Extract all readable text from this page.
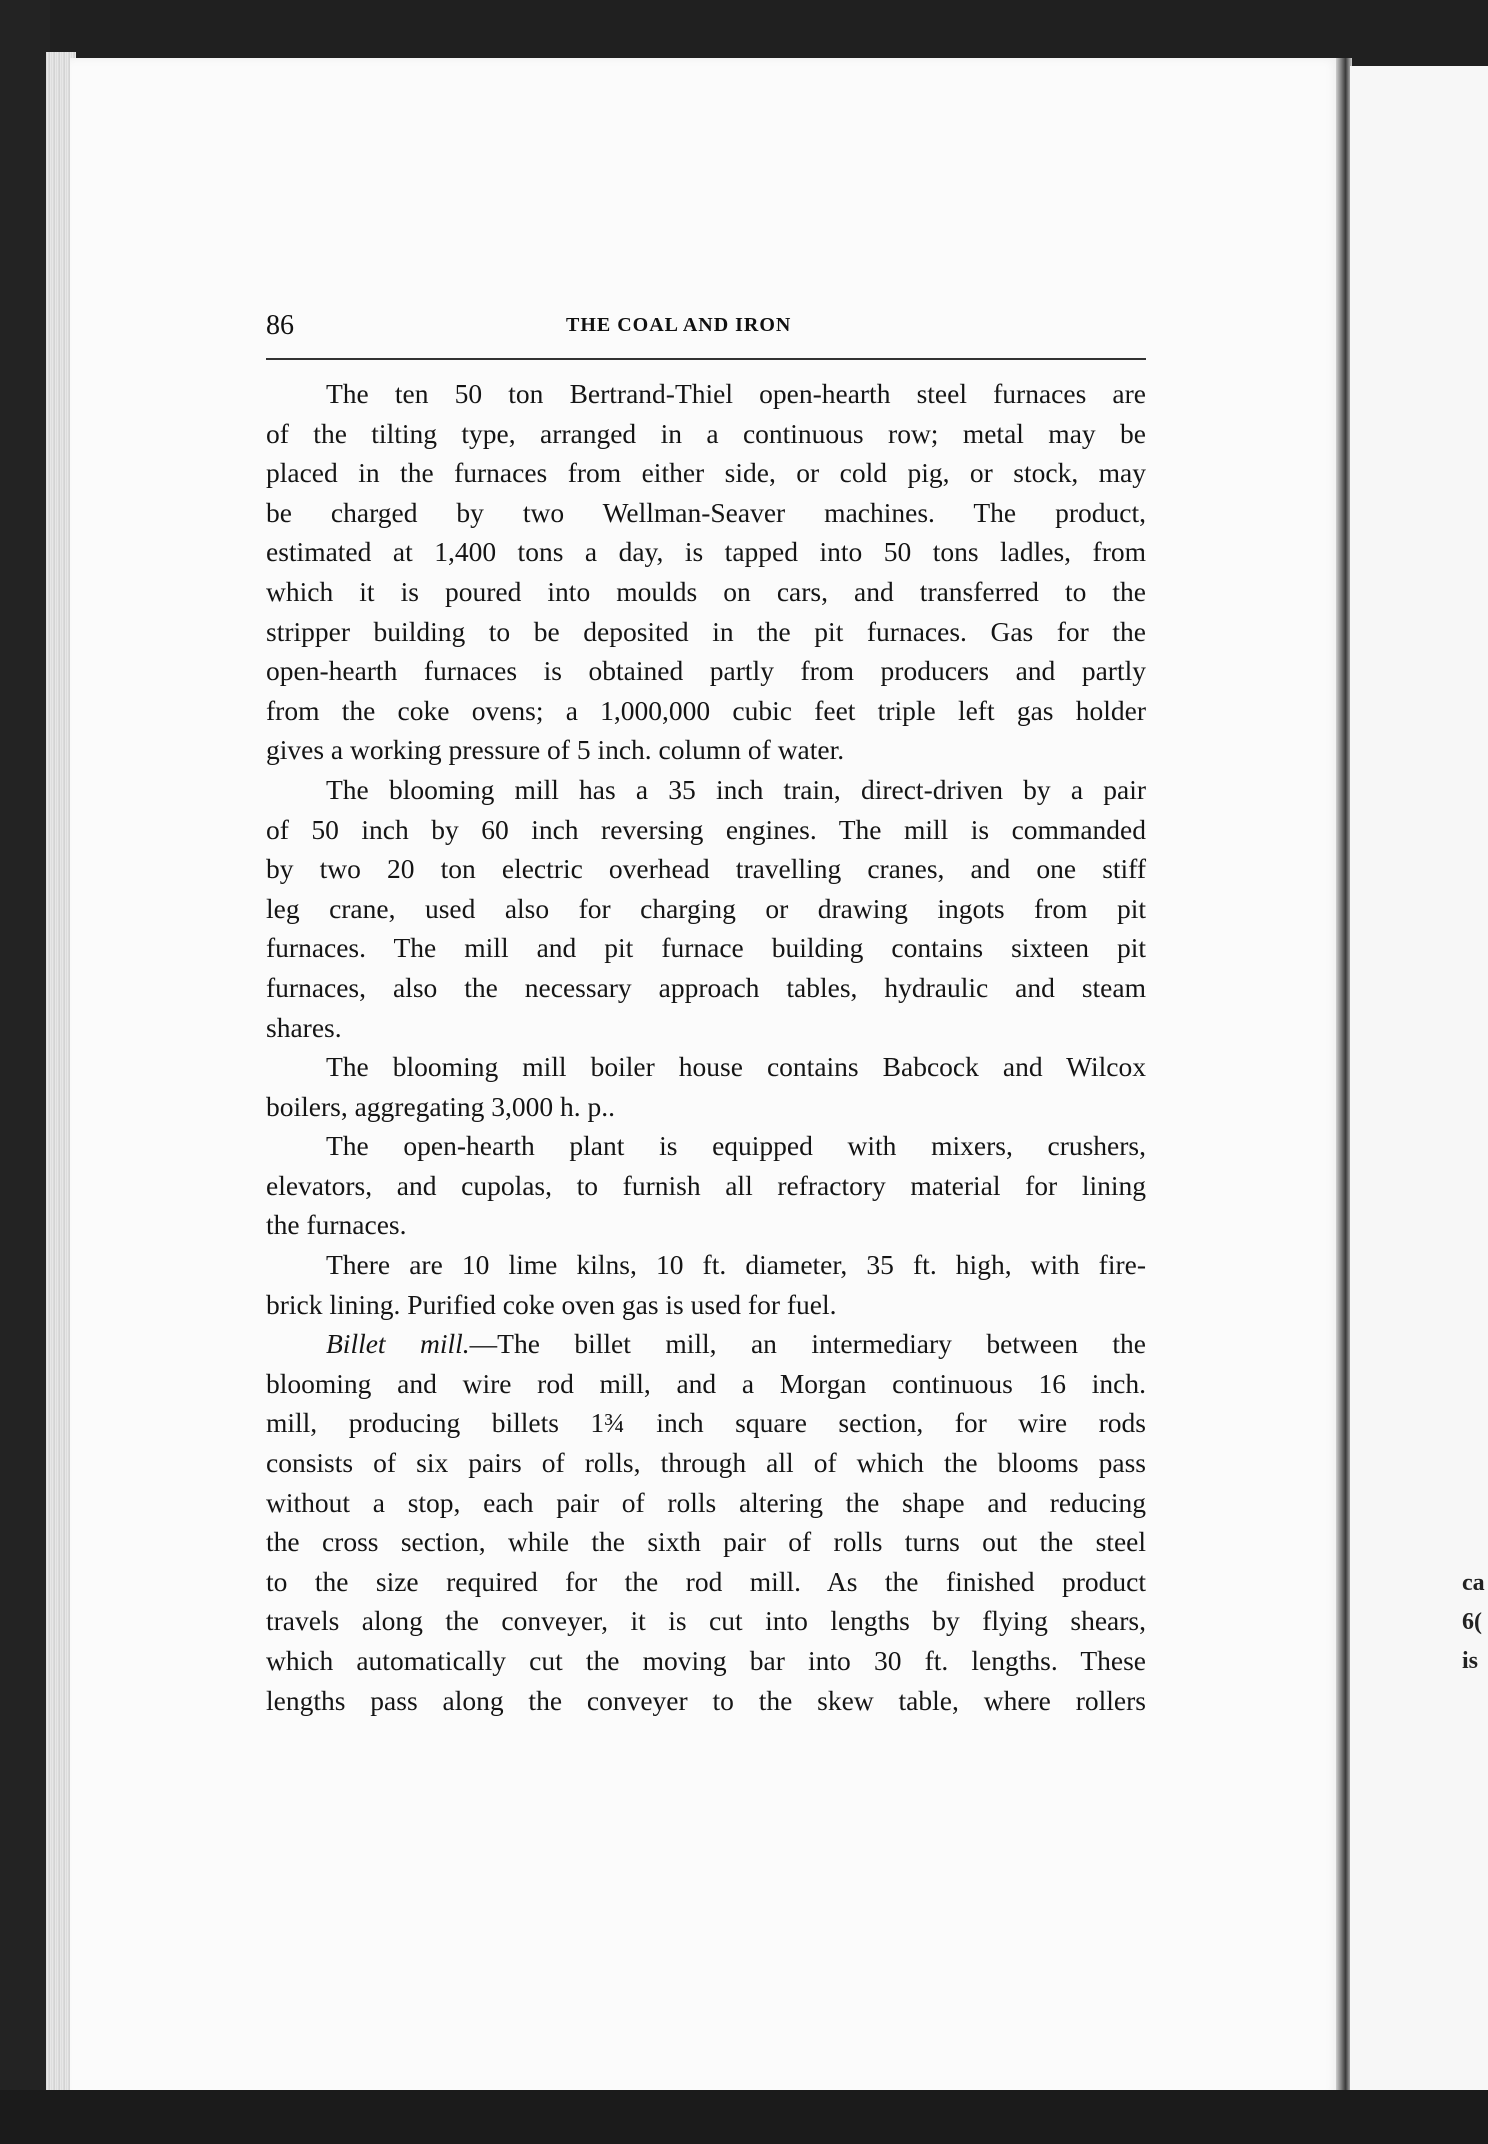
ca
6(
is
86	THE COAL AND IRON
The ten 50 ton Bertrand-Thiel open-hearth steel furnaces are
of the tilting type, arranged in a continuous row; metal may be
placed in the furnaces from either side, or cold pig, or stock, may
be charged by two Wellman-Seaver machines. The product,
estimated at 1,400 tons a day, is tapped into 50 tons ladles, from
which it is poured into moulds on cars, and transferred to the
stripper building to be deposited in the pit furnaces. Gas for the
open-hearth furnaces is obtained partly from producers and partly
from the coke ovens; a 1,000,000 cubic feet triple left gas holder
gives a working pressure of 5 inch. column of water.
The blooming mill has a 35 inch train, direct-driven by a pair
of 50 inch by 60 inch reversing engines. The mill is commanded
by two 20 ton electric overhead travelling cranes, and one stiff
leg crane, used also for charging or drawing ingots from pit
furnaces. The mill and pit furnace building contains sixteen pit
furnaces, also the necessary approach tables, hydraulic and steam
shares.
The blooming mill boiler house contains Babcock and Wilcox
boilers, aggregating 3,000 h. p..
The open-hearth plant is equipped with mixers, crushers,
elevators, and cupolas, to furnish all refractory material for lining
the furnaces.
There are 10 lime kilns, 10 ft. diameter, 35 ft. high, with fire-
brick lining. Purified coke oven gas is used for fuel.
Billet mill.—The billet mill, an intermediary between the
blooming and wire rod mill, and a Morgan continuous 16 inch.
mill, producing billets 1¾ inch square section, for wire rods
consists of six pairs of rolls, through all of which the blooms pass
without a stop, each pair of rolls altering the shape and reducing
the cross section, while the sixth pair of rolls turns out the steel
to the size required for the rod mill. As the finished product
travels along the conveyer, it is cut into lengths by flying shears,
which automatically cut the moving bar into 30 ft. lengths. These
lengths pass along the conveyer to the skew table, where rollers
